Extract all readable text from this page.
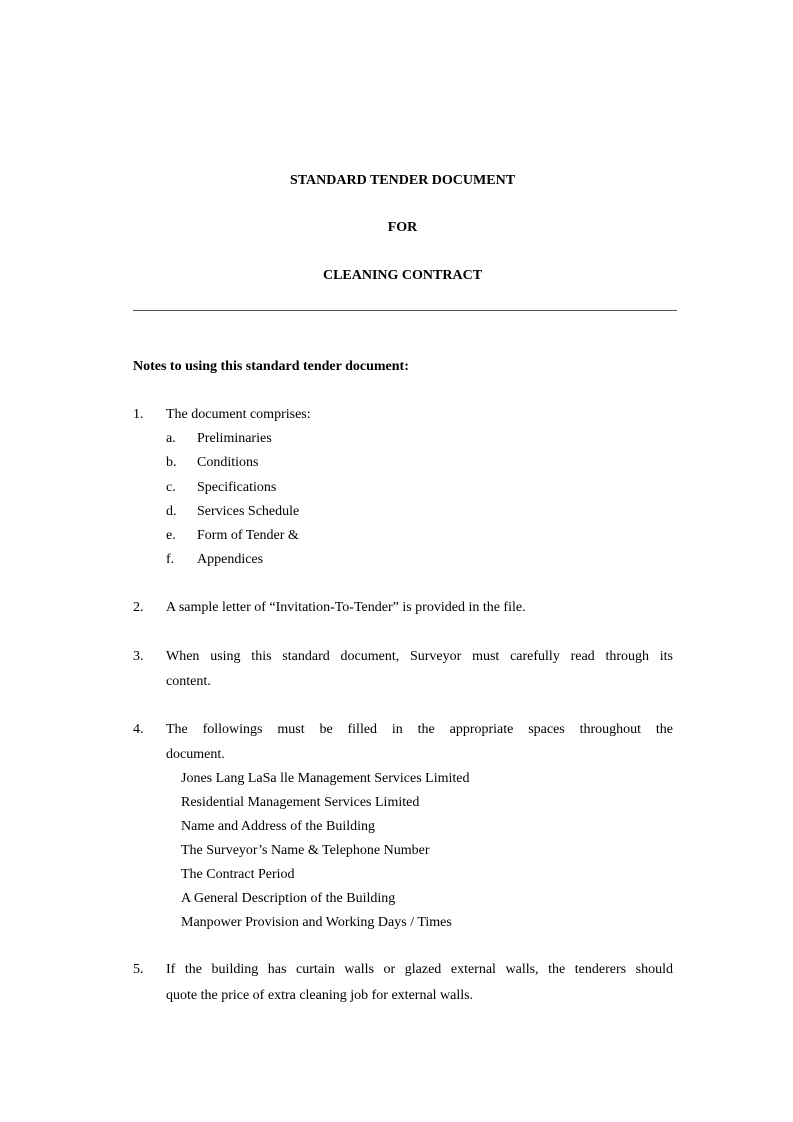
STANDARD TENDER DOCUMENT

FOR

CLEANING CONTRACT

Notes to using this standard tender document:

1. The document comprises:
a. Preliminaries
b. Conditions
c. Specifications
d. Services Schedule
e. Form of Tender &
f. Appendices
2. A sample letter of “Invitation-To-Tender” is provided in the file.
3. When using this standard document, Surveyor must carefully read through its
content.
4. The followings must be filled in the appropriate spaces throughout the
document.
Jones Lang LaSa lle Management Services Limited
Residential Management Services Limited
Name and Address of the Building
The Surveyor’s Name & Telephone Number
The Contract Period
A General Description of the Building
Manpower Provision and Working Days / Times
5. If the building has curtain walls or glazed external walls, the tenderers should
quote the price of extra cleaning job for external walls.
